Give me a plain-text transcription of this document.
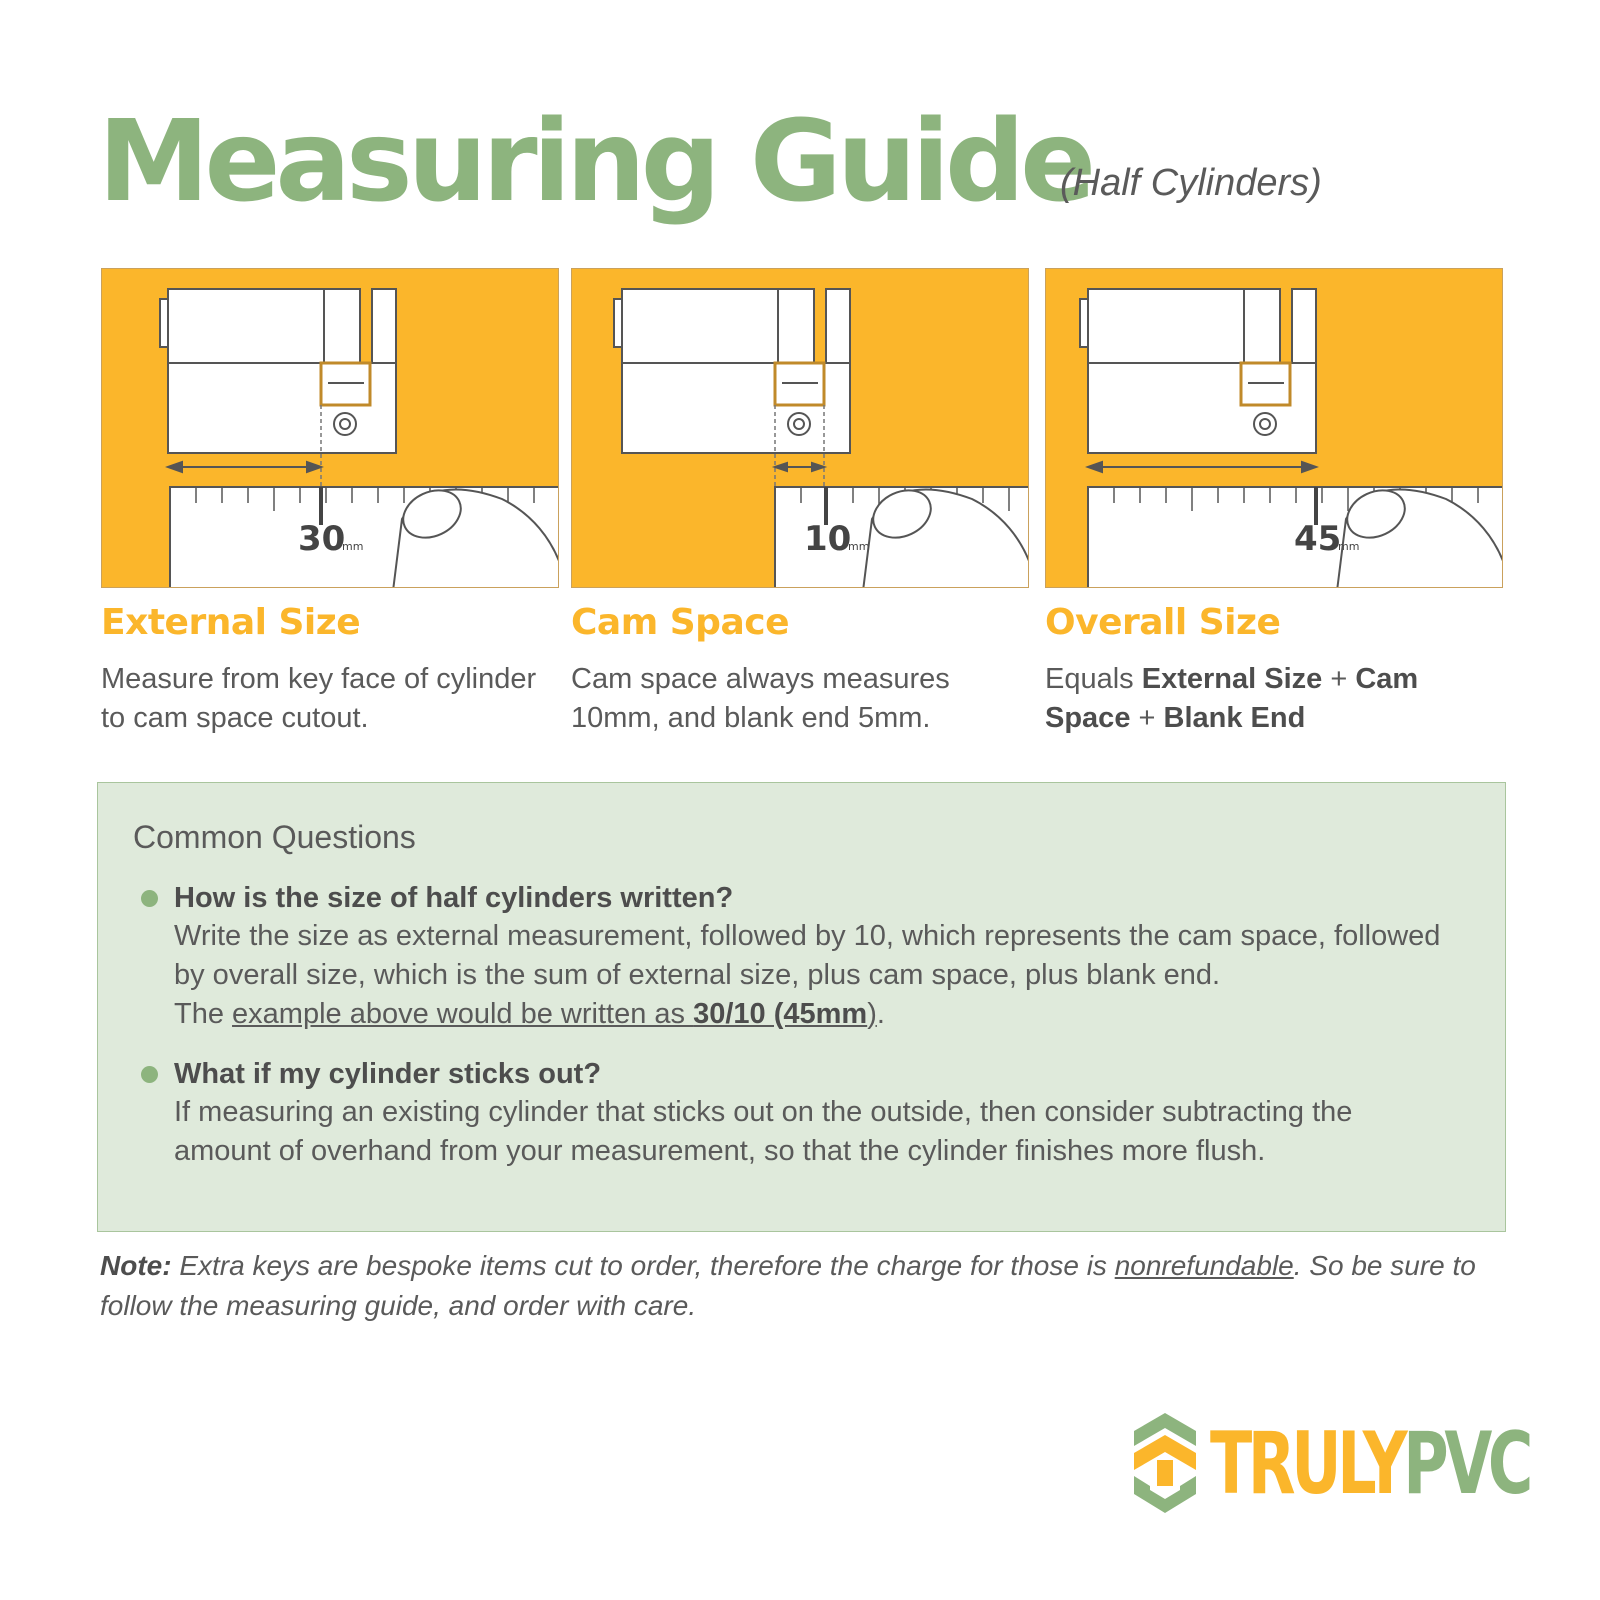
Measuring Guide
(Half Cylinders)
30
mm
External Size
Measure from key face of cylinder to cam space cutout.
10
mm
Cam Space
Cam space always measures 10mm, and blank end 5mm.
45
mm
Overall Size
Equals External Size + Cam Space + Blank End
Common Questions
How is the size of half cylinders written?
Write the size as external measurement, followed by 10, which represents the cam space, followed by overall size, which is the sum of external size, plus cam space, plus blank end.
The example above would be written as 30/10 (45mm).
What if my cylinder sticks out?
If measuring an existing cylinder that sticks out on the outside, then consider subtracting the amount of overhand from your measurement, so that the cylinder finishes more flush.
Note: Extra keys are bespoke items cut to order, therefore the charge for those is nonrefundable. So be sure to follow the measuring guide, and order with care.
TRULYPVC
